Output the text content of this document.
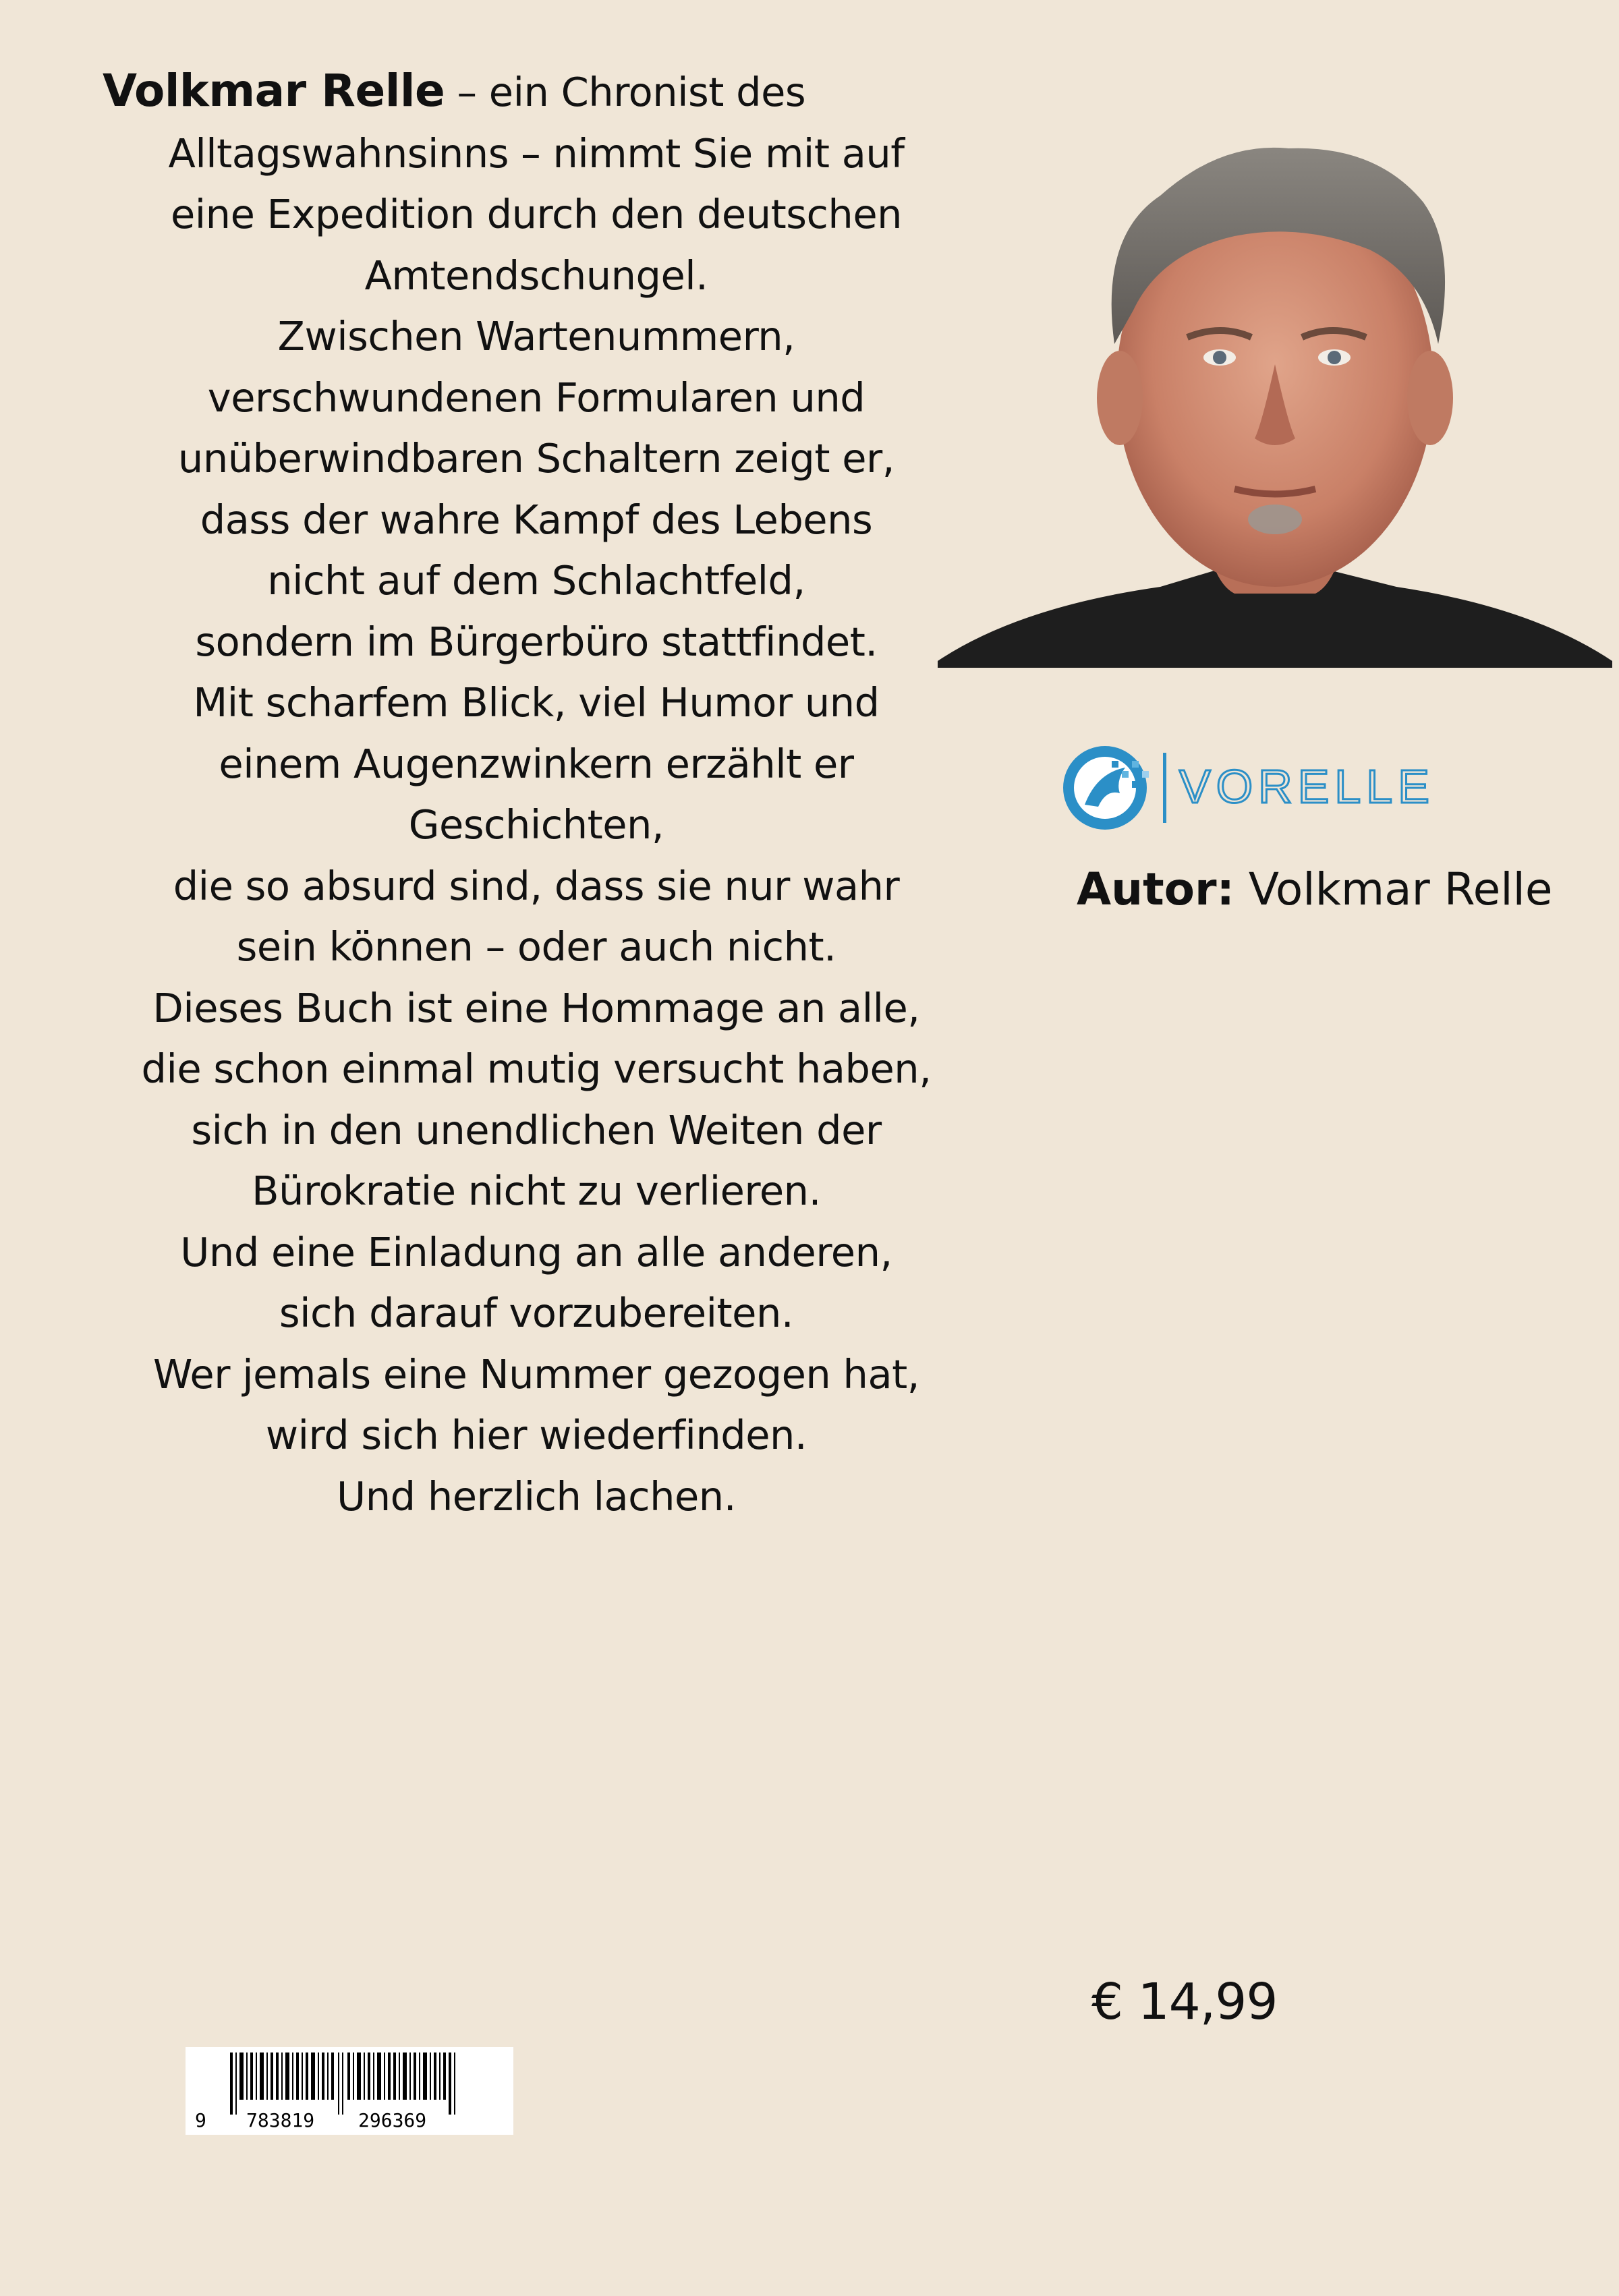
Volkmar Relle – ein Chronist des
Alltagswahnsinns – nimmt Sie mit auf
eine Expedition durch den deutschen
Amtendschungel.
Zwischen Wartenummern,
verschwundenen Formularen und
unüberwindbaren Schaltern zeigt er,
dass der wahre Kampf des Lebens
nicht auf dem Schlachtfeld,
sondern im Bürgerbüro stattfindet.
Mit scharfem Blick, viel Humor und
einem Augenzwinkern erzählt er
Geschichten,
die so absurd sind, dass sie nur wahr
sein können – oder auch nicht.
Dieses Buch ist eine Hommage an alle,
die schon einmal mutig versucht haben,
sich in den unendlichen Weiten der
Bürokratie nicht zu verlieren.
Und eine Einladung an alle anderen,
sich darauf vorzubereiten.
Wer jemals eine Nummer gezogen hat,
wird sich hier wiederfinden.
Und herzlich lachen.
VORELLE
Autor: Volkmar Relle
€ 14,99
9 783819 296369
